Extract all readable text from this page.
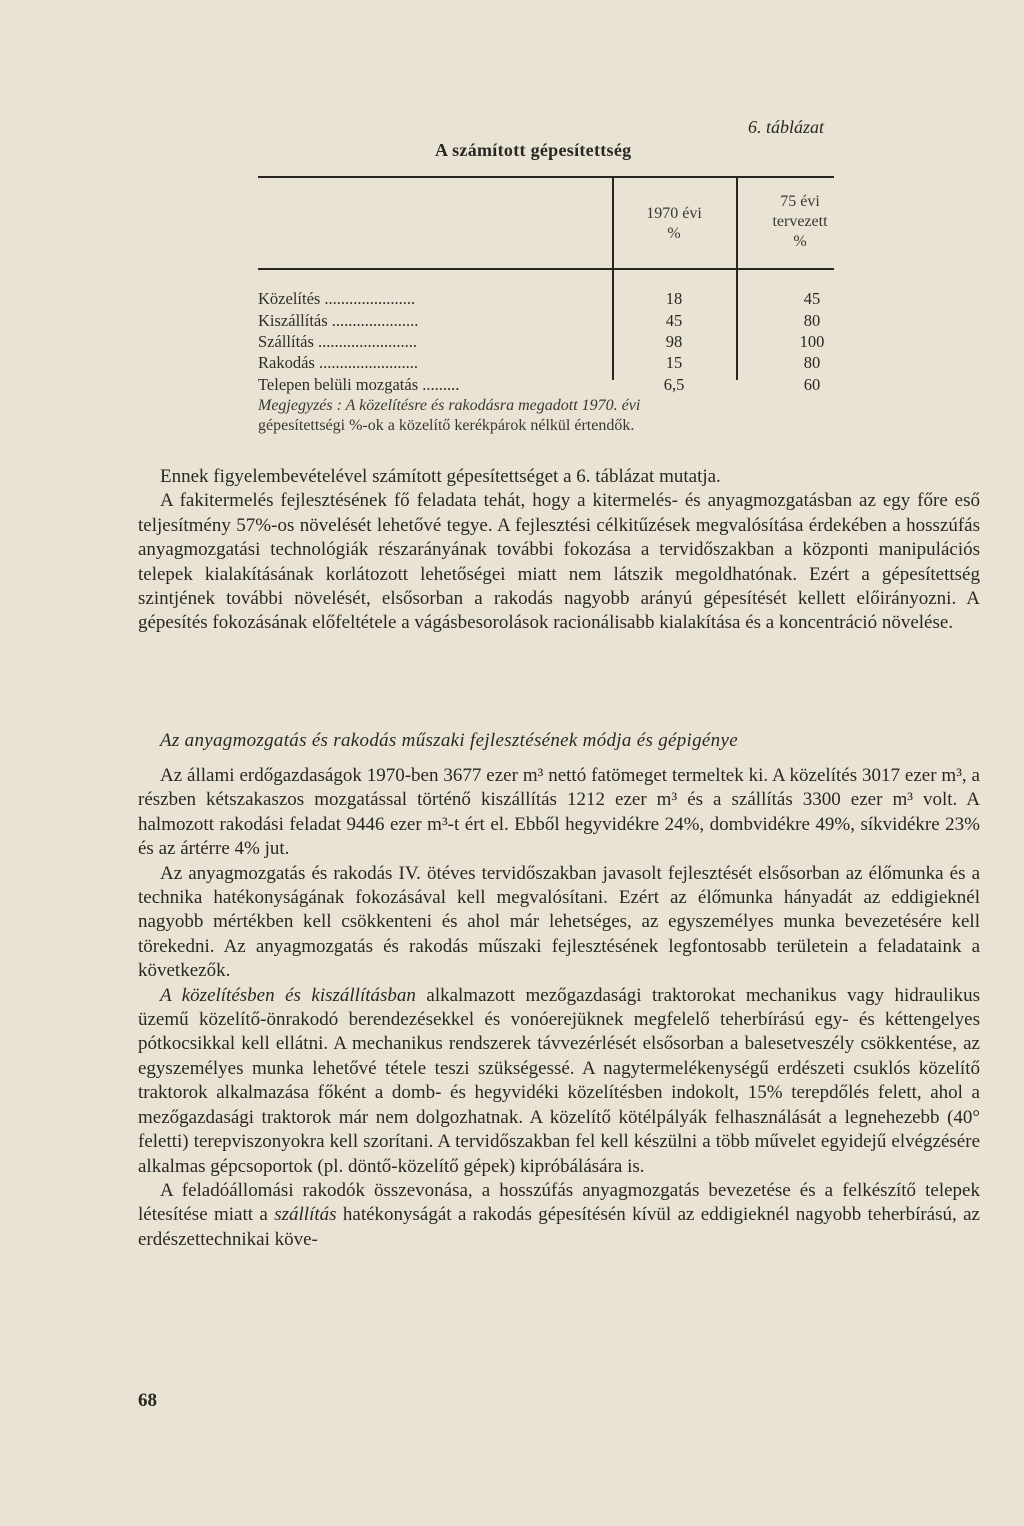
A számított gépesítettség
6. táblázat
1970 évi
%
75 évi
tervezett
%
Közelítés ......................
Kiszállítás .....................
Szállítás ........................
Rakodás ........................
Telepen belüli mozgatás .........
18
45
98
15
6,5
45
80
100
80
60
Megjegyzés : A közelítésre és rakodásra megadott 1970. évi
gépesítettségi %-ok a közelítő kerékpárok nélkül értendők.

Ennek figyelembevételével számított gépesítettséget a 6. táblázat mutatja.

A fakitermelés fejlesztésének fő feladata tehát, hogy a kitermelés- és anyagmozgatásban az egy főre eső teljesítmény 57%-os növelését lehetővé tegye. A fejlesztési célkitűzések megvalósítása érdekében a hosszúfás anyagmozgatási technológiák részarányának további fokozása a tervidőszakban a központi manipulációs telepek kialakításának korlátozott lehetőségei miatt nem látszik megoldhatónak. Ezért a gépesítettség szintjének további növelését, elsősorban a rakodás nagyobb arányú gépesítését kellett előirányozni. A gépesítés fokozásának előfeltétele a vágásbesorolások racionálisabb kialakítása és a koncentráció növelése.

Az anyagmozgatás és rakodás műszaki fejlesztésének módja és gépigénye

Az állami erdőgazdaságok 1970-ben 3677 ezer m³ nettó fatömeget termeltek ki. A közelítés 3017 ezer m³, a részben kétszakaszos mozgatással történő kiszállítás 1212 ezer m³ és a szállítás 3300 ezer m³ volt. A halmozott rakodási feladat 9446 ezer m³-t ért el. Ebből hegyvidékre 24%, dombvidékre 49%, síkvidékre 23% és az ártérre 4% jut.

Az anyagmozgatás és rakodás IV. ötéves tervidőszakban javasolt fejlesztését elsősorban az élőmunka és a technika hatékonyságának fokozásával kell megvalósítani. Ezért az élőmunka hányadát az eddigieknél nagyobb mértékben kell csökkenteni és ahol már lehetséges, az egyszemélyes munka bevezetésére kell törekedni. Az anyagmozgatás és rakodás műszaki fejlesztésének legfontosabb területein a feladataink a következők.

A közelítésben és kiszállításban alkalmazott mezőgazdasági traktorokat mechanikus vagy hidraulikus üzemű közelítő-önrakodó berendezésekkel és vonóerejüknek megfelelő teherbírású egy- és kéttengelyes pótkocsikkal kell ellátni. A mechanikus rendszerek távvezérlését elsősorban a balesetveszély csökkentése, az egyszemélyes munka lehetővé tétele teszi szükségessé. A nagytermelékenységű erdészeti csuklós közelítő traktorok alkalmazása főként a domb- és hegyvidéki közelítésben indokolt, 15% terepdőlés felett, ahol a mezőgazdasági traktorok már nem dolgozhatnak. A közelítő kötélpályák felhasználását a legnehezebb (40° feletti) terepviszonyokra kell szorítani. A tervidőszakban fel kell készülni a több művelet egyidejű elvégzésére alkalmas gépcsoportok (pl. döntő-közelítő gépek) kipróbálására is.

A feladóállomási rakodók összevonása, a hosszúfás anyagmozgatás bevezetése és a felkészítő telepek létesítése miatt a szállítás hatékonyságát a rakodás gépesítésén kívül az eddigieknél nagyobb teherbírású, az erdészettechnikai köve-

68
